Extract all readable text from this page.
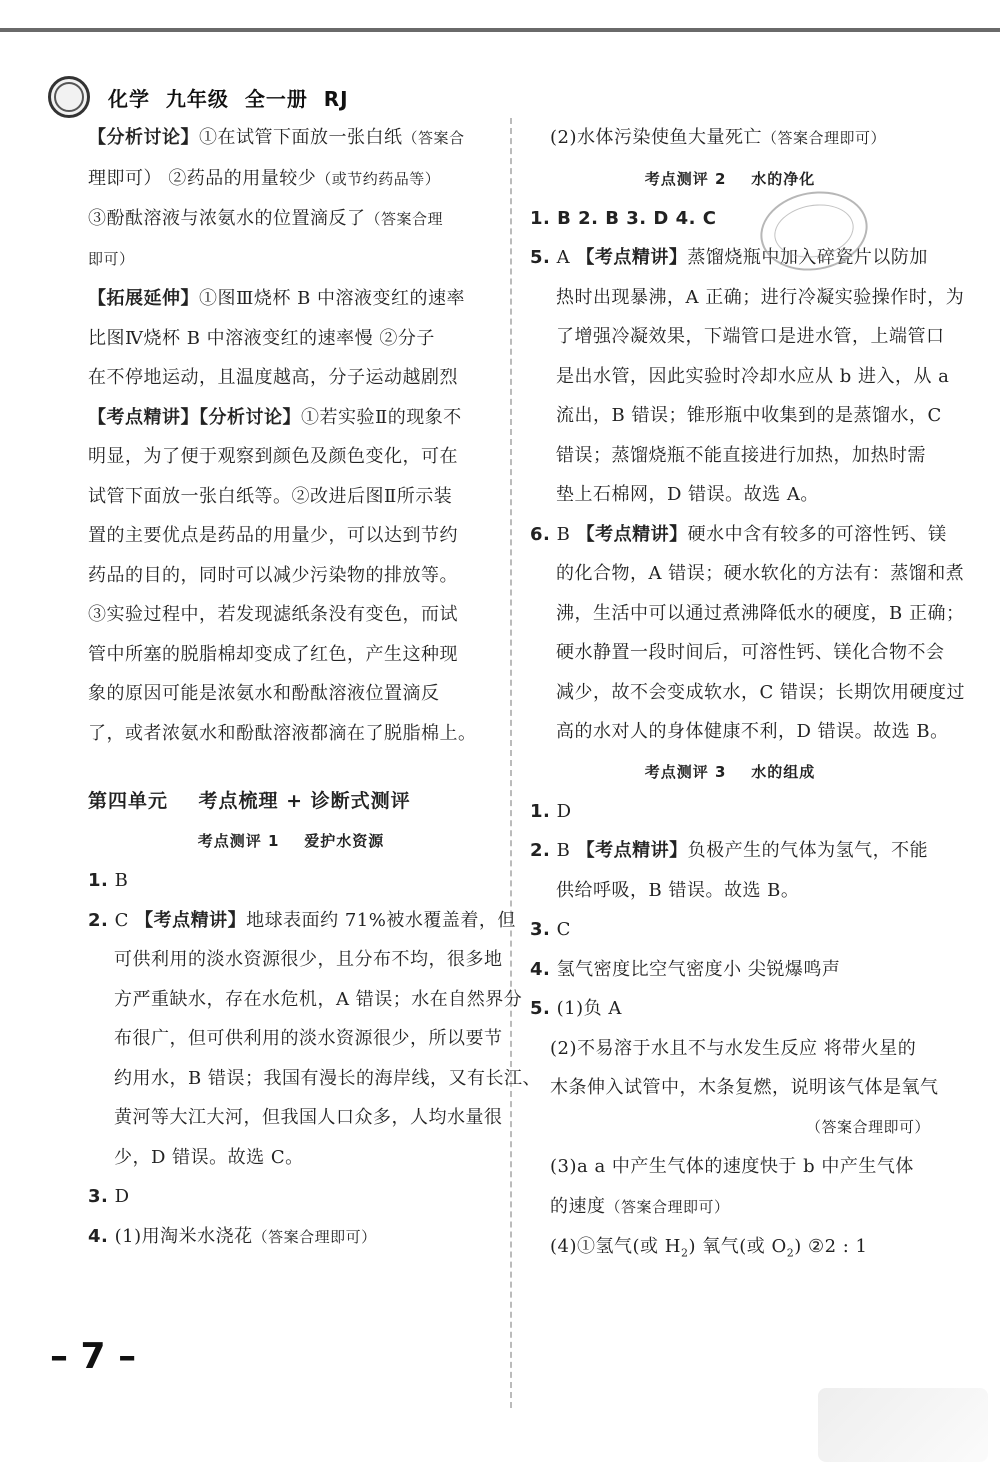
化学  九年级  全一册  RJ

【分析讨论】①在试管下面放一张白纸（答案合

理即可） ②药品的用量较少（或节约药品等）

③酚酞溶液与浓氨水的位置滴反了（答案合理

即可）

【拓展延伸】①图Ⅲ烧杯 B 中溶液变红的速率

比图Ⅳ烧杯 B 中溶液变红的速率慢 ②分子

在不停地运动，且温度越高，分子运动越剧烈

【考点精讲】【分析讨论】①若实验Ⅱ的现象不

明显，为了便于观察到颜色及颜色变化，可在

试管下面放一张白纸等。②改进后图Ⅱ所示装

置的主要优点是药品的用量少，可以达到节约

药品的目的，同时可以减少污染物的排放等。

③实验过程中，若发现滤纸条没有变色，而试

管中所塞的脱脂棉却变成了红色，产生这种现

象的原因可能是浓氨水和酚酞溶液位置滴反

了，或者浓氨水和酚酞溶液都滴在了脱脂棉上。

第四单元    考点梳理 + 诊断式测评

考点测评 1    爱护水资源

1. B

2. C 【考点精讲】地球表面约 71%被水覆盖着，但

可供利用的淡水资源很少，且分布不均，很多地

方严重缺水，存在水危机，A 错误；水在自然界分

布很广，但可供利用的淡水资源很少，所以要节

约用水，B 错误；我国有漫长的海岸线，又有长江、

黄河等大江大河，但我国人口众多，人均水量很

少，D 错误。故选 C。

3. D

4. (1)用淘米水浇花（答案合理即可）

(2)水体污染使鱼大量死亡（答案合理即可）

考点测评 2    水的净化

1. B 2. B 3. D 4. C

5. A 【考点精讲】蒸馏烧瓶中加入碎瓷片以防加

热时出现暴沸，A 正确；进行冷凝实验操作时，为

了增强冷凝效果，下端管口是进水管，上端管口

是出水管，因此实验时冷却水应从 b 进入，从 a

流出，B 错误；锥形瓶中收集到的是蒸馏水，C

错误；蒸馏烧瓶不能直接进行加热，加热时需

垫上石棉网，D 错误。故选 A。

6. B 【考点精讲】硬水中含有较多的可溶性钙、镁

的化合物，A 错误；硬水软化的方法有：蒸馏和煮

沸，生活中可以通过煮沸降低水的硬度，B 正确；

硬水静置一段时间后，可溶性钙、镁化合物不会

减少，故不会变成软水，C 错误；长期饮用硬度过

高的水对人的身体健康不利，D 错误。故选 B。

考点测评 3    水的组成

1. D

2. B 【考点精讲】负极产生的气体为氢气，不能

供给呼吸，B 错误。故选 B。

3. C

4. 氢气密度比空气密度小 尖锐爆鸣声

5. (1)负 A

(2)不易溶于水且不与水发生反应 将带火星的

木条伸入试管中，木条复燃，说明该气体是氧气

（答案合理即可）

(3)a a 中产生气体的速度快于 b 中产生气体

的速度（答案合理即可）

(4)①氢气(或 $H_2$) 氧气(或 $O_2$) ②2 : 1

– 7 –
